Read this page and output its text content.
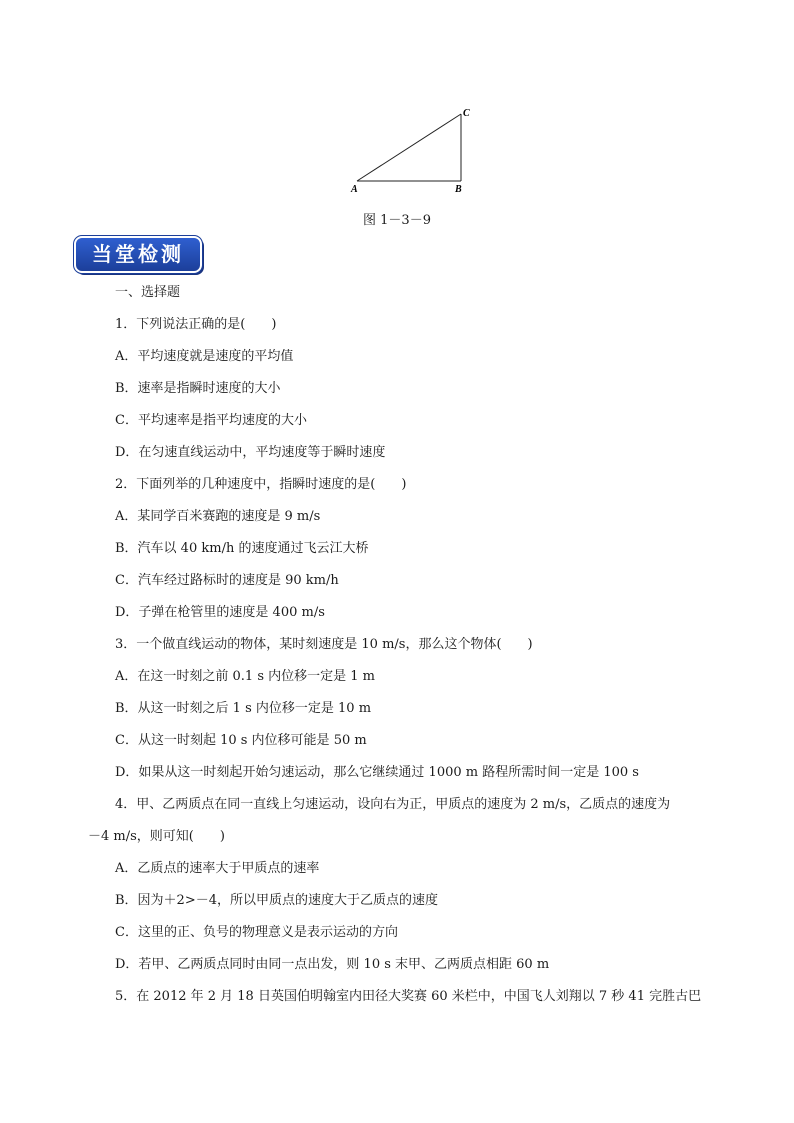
A	B
C
图 1－3－9
当堂检测
一、选择题
1．下列说法正确的是(　　)
A．平均速度就是速度的平均值
B．速率是指瞬时速度的大小
C．平均速率是指平均速度的大小
D．在匀速直线运动中，平均速度等于瞬时速度
2．下面列举的几种速度中，指瞬时速度的是(　　)
A．某同学百米赛跑的速度是 9 m/s
B．汽车以 40 km/h 的速度通过飞云江大桥
C．汽车经过路标时的速度是 90 km/h
D．子弹在枪管里的速度是 400 m/s
3．一个做直线运动的物体，某时刻速度是 10 m/s，那么这个物体(　　)
A．在这一时刻之前 0.1 s 内位移一定是 1 m
B．从这一时刻之后 1 s 内位移一定是 10 m
C．从这一时刻起 10 s 内位移可能是 50 m
D．如果从这一时刻起开始匀速运动，那么它继续通过 1000 m 路程所需时间一定是 100 s
4．甲、乙两质点在同一直线上匀速运动，设向右为正，甲质点的速度为 2 m/s，乙质点的速度为
－4 m/s，则可知(　　)
A．乙质点的速率大于甲质点的速率
B．因为＋2>－4，所以甲质点的速度大于乙质点的速度
C．这里的正、负号的物理意义是表示运动的方向
D．若甲、乙两质点同时由同一点出发，则 10 s 末甲、乙两质点相距 60 m
5．在 2012 年 2 月 18 日英国伯明翰室内田径大奖赛 60 米栏中，中国飞人刘翔以 7 秒 41 完胜古巴
